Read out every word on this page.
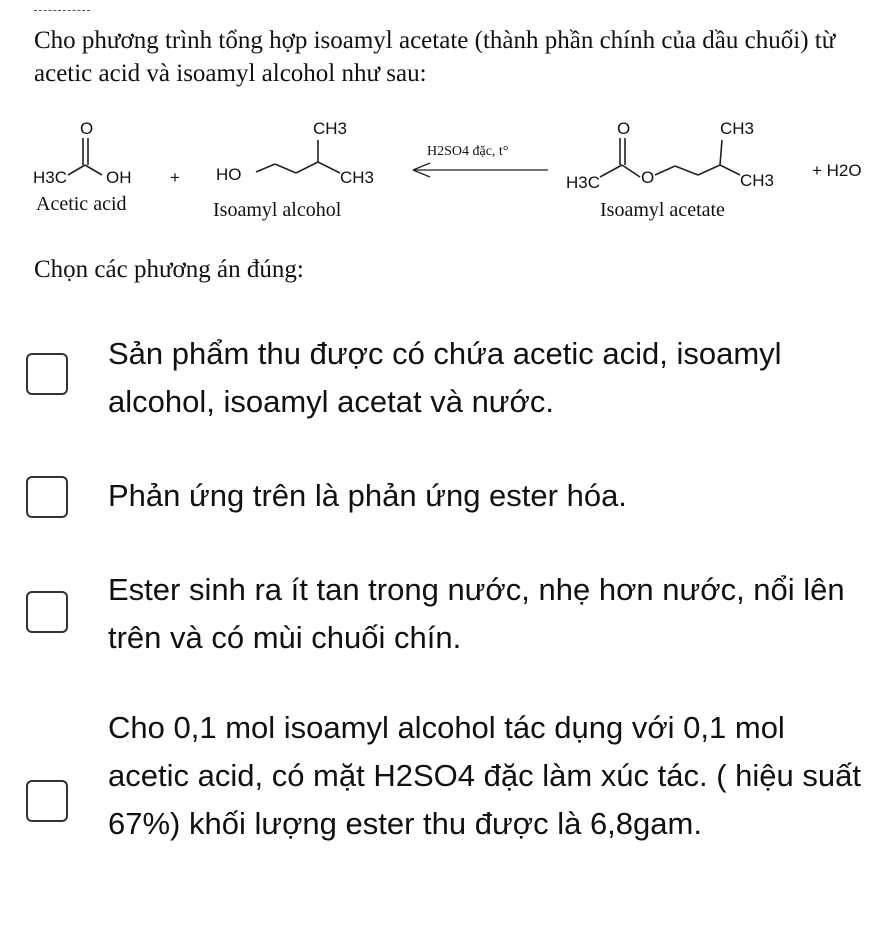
Cho phương trình tổng hợp isoamyl acetate (thành phần chính của dầu chuối) từ acetic acid và isoamyl alcohol như sau:
O
H3C OH + HO
CH3
CH3
O
H3C O
CH3
CH3
+ H2O
H2SO4 đặc, t°
Acetic acid	Isoamyl alcohol	Isoamyl acetate
Chọn các phương án đúng:
Sản phẩm thu được có chứa acetic acid, isoamyl alcohol, isoamyl acetat và nước.
Phản ứng trên là phản ứng ester hóa.
Ester sinh ra ít tan trong nước, nhẹ hơn nước, nổi lên trên và có mùi chuối chín.
Cho 0,1 mol isoamyl alcohol tác dụng với 0,1 mol acetic acid, có mặt H2SO4 đặc làm xúc tác. ( hiệu suất 67%) khối lượng ester thu được là 6,8gam.
